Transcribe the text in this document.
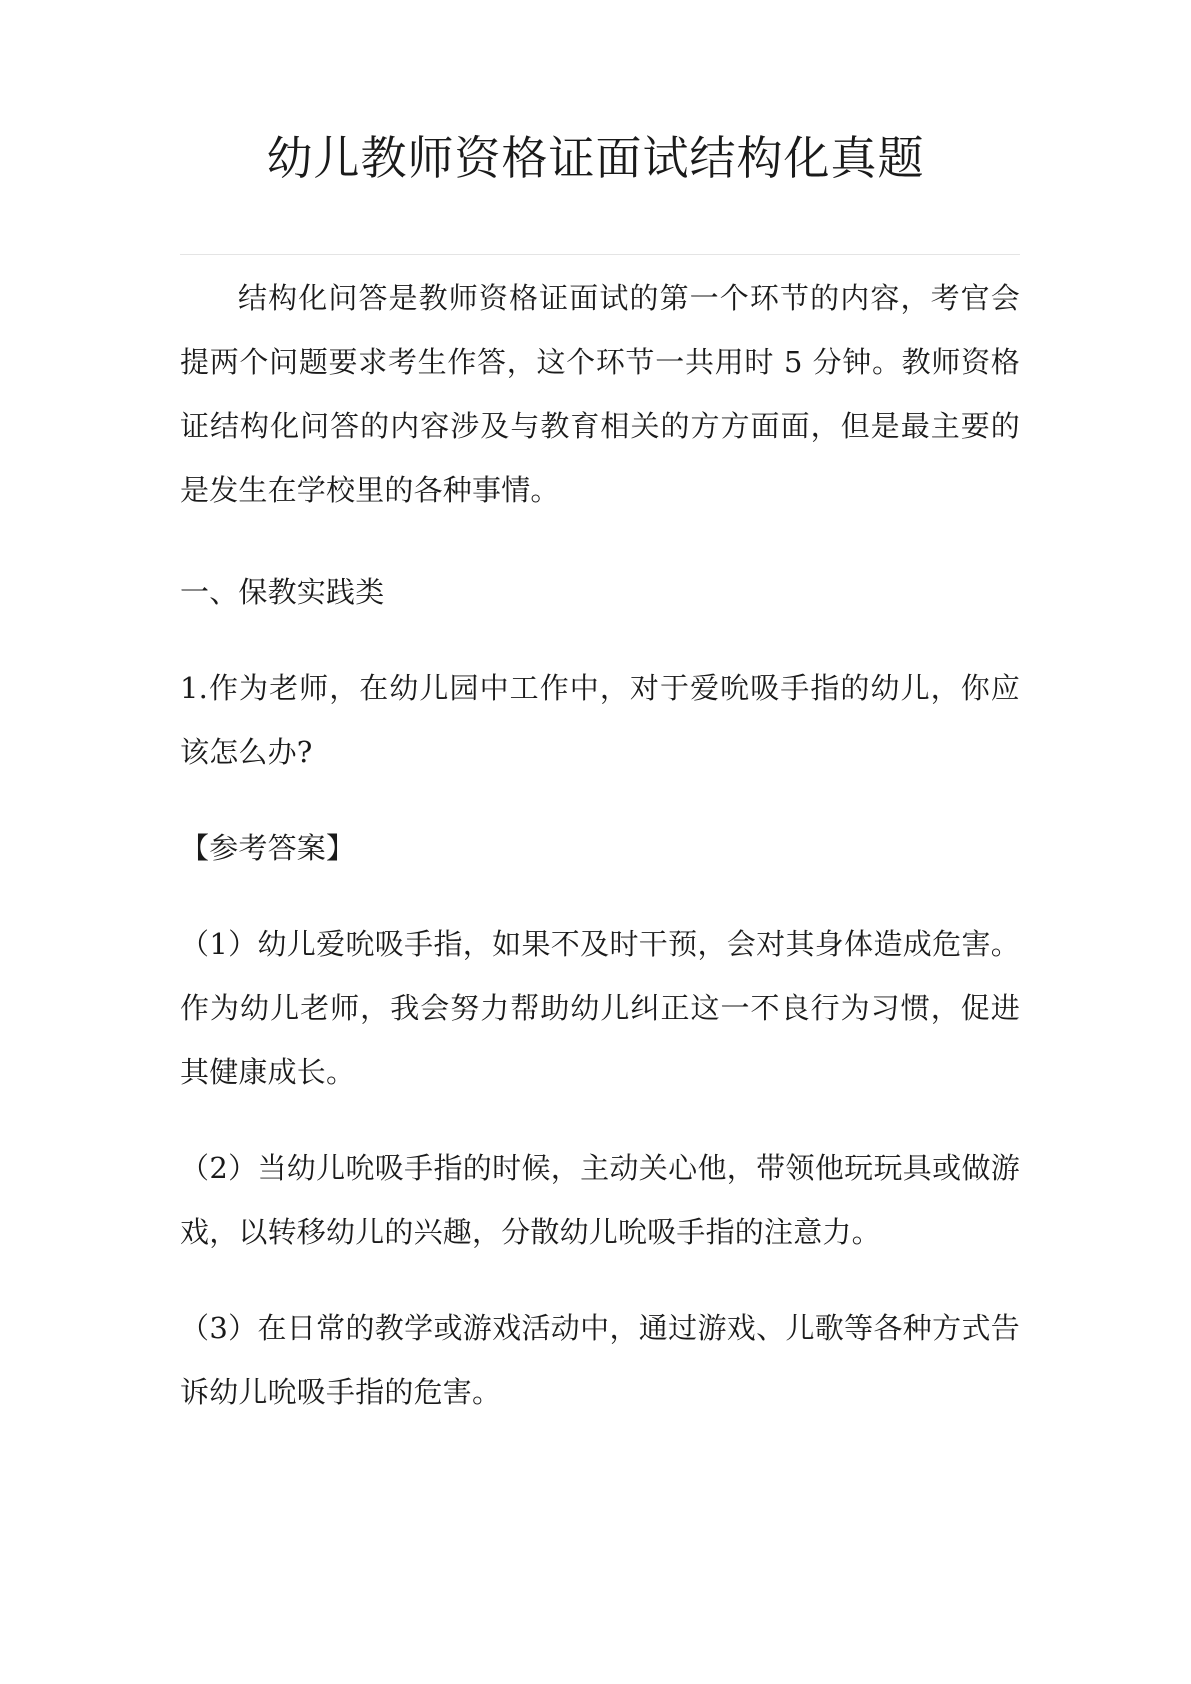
幼儿教师资格证面试结构化真题

结构化问答是教师资格证面试的第一个环节的内容，考官会提两个问题要求考生作答，这个环节一共用时 5 分钟。教师资格证结构化问答的内容涉及与教育相关的方方面面，但是最主要的是发生在学校里的各种事情。

一、保教实践类

1.作为老师，在幼儿园中工作中，对于爱吮吸手指的幼儿，你应该怎么办?

【参考答案】

（1）幼儿爱吮吸手指，如果不及时干预，会对其身体造成危害。作为幼儿老师，我会努力帮助幼儿纠正这一不良行为习惯，促进其健康成长。

（2）当幼儿吮吸手指的时候，主动关心他，带领他玩玩具或做游戏，以转移幼儿的兴趣，分散幼儿吮吸手指的注意力。

（3）在日常的教学或游戏活动中，通过游戏、儿歌等各种方式告诉幼儿吮吸手指的危害。
